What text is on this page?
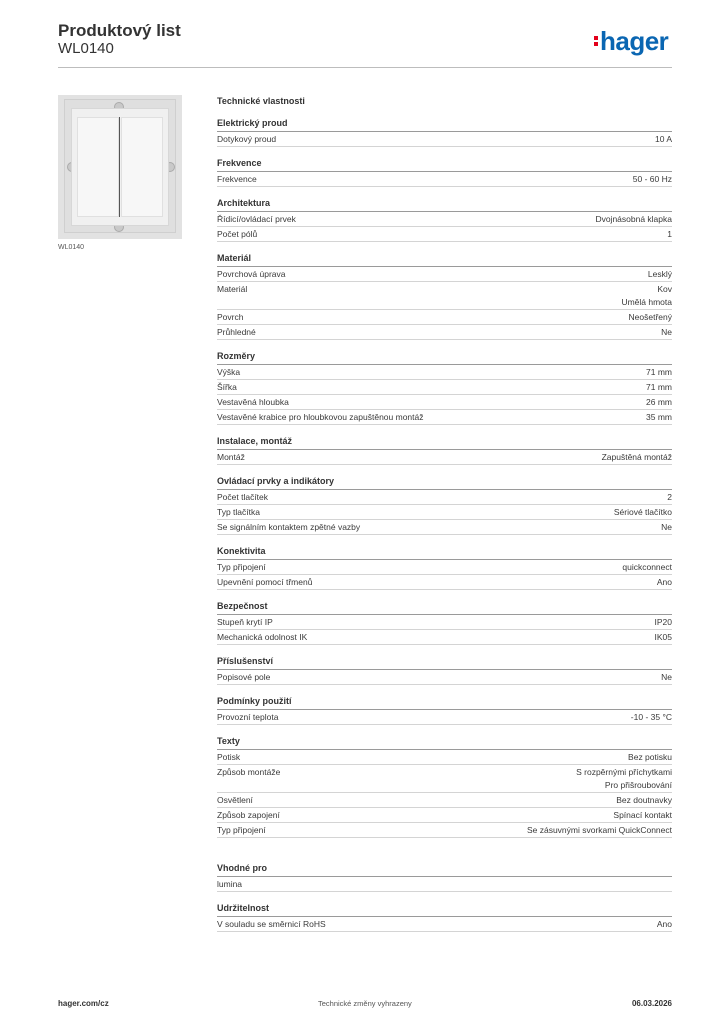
Produktový list
WL0140	hager
WL0140
Technické vlastnosti
Elektrický proud
Dotykový proud	10 A
Frekvence
Frekvence	50 - 60 Hz
Architektura
Řídicí/ovládací prvek	Dvojnásobná klapka
Počet pólů	1
Materiál
Povrchová úprava	Lesklý
Materiál	Kov
Umělá hmota
Povrch	Neošetřený
Průhledné	Ne
Rozměry
Výška	71 mm
Šířka	71 mm
Vestavěná hloubka	26 mm
Vestavěné krabice pro hloubkovou zapuštěnou montáž	35 mm
Instalace, montáž
Montáž	Zapuštěná montáž
Ovládací prvky a indikátory
Počet tlačítek	2
Typ tlačítka	Sériové tlačítko
Se signálním kontaktem zpětné vazby	Ne
Konektivita
Typ připojení	quickconnect
Upevnění pomocí třmenů	Ano
Bezpečnost
Stupeň krytí IP	IP20
Mechanická odolnost IK	IK05
Příslušenství
Popisové pole	Ne
Podmínky použití
Provozní teplota	-10 - 35 °C
Texty
Potisk	Bez potisku
Způsob montáže	S rozpěrnými příchytkami
Pro přišroubování
Osvětlení	Bez doutnavky
Způsob zapojení	Spínací kontakt
Typ připojení	Se zásuvnými svorkami QuickConnect
Vhodné pro
lumina
Udržitelnost
V souladu se směrnicí RoHS	Ano
hager.com/cz	Technické změny vyhrazeny	06.03.2026
